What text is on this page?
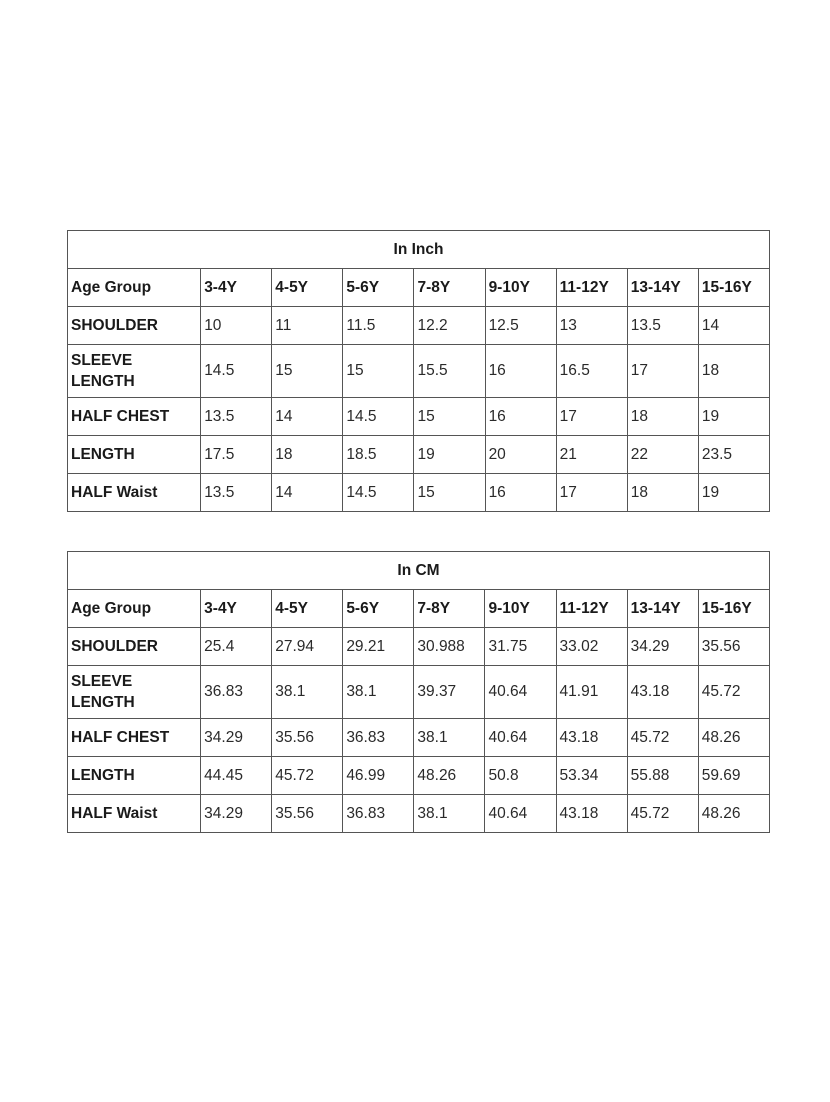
In Inch								
Age Group	3-4Y	4-5Y	5-6Y	7-8Y	9-10Y	11-12Y	13-14Y	15-16Y
SHOULDER	10	11	11.5	12.2	12.5	13	13.5	14
SLEEVE LENGTH	14.5	15	15	15.5	16	16.5	17	18
HALF CHEST	13.5	14	14.5	15	16	17	18	19
LENGTH	17.5	18	18.5	19	20	21	22	23.5
HALF Waist	13.5	14	14.5	15	16	17	18	19
In CM								
Age Group	3-4Y	4-5Y	5-6Y	7-8Y	9-10Y	11-12Y	13-14Y	15-16Y
SHOULDER	25.4	27.94	29.21	30.988	31.75	33.02	34.29	35.56
SLEEVE LENGTH	36.83	38.1	38.1	39.37	40.64	41.91	43.18	45.72
HALF CHEST	34.29	35.56	36.83	38.1	40.64	43.18	45.72	48.26
LENGTH	44.45	45.72	46.99	48.26	50.8	53.34	55.88	59.69
HALF Waist	34.29	35.56	36.83	38.1	40.64	43.18	45.72	48.26
